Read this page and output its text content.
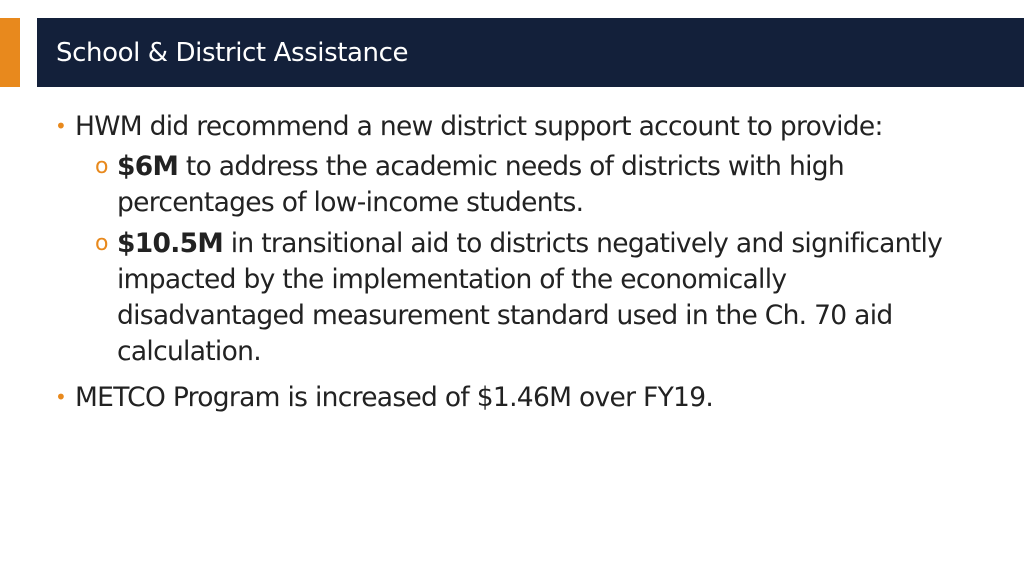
School & District Assistance
• HWM did recommend a new district support account to provide:
o $6M to address the academic needs of districts with high
percentages of low-income students.
o $10.5M in transitional aid to districts negatively and significantly
impacted by the implementation of the economically
disadvantaged measurement standard used in the Ch. 70 aid
calculation.
• METCO Program is increased of $1.46M over FY19.
